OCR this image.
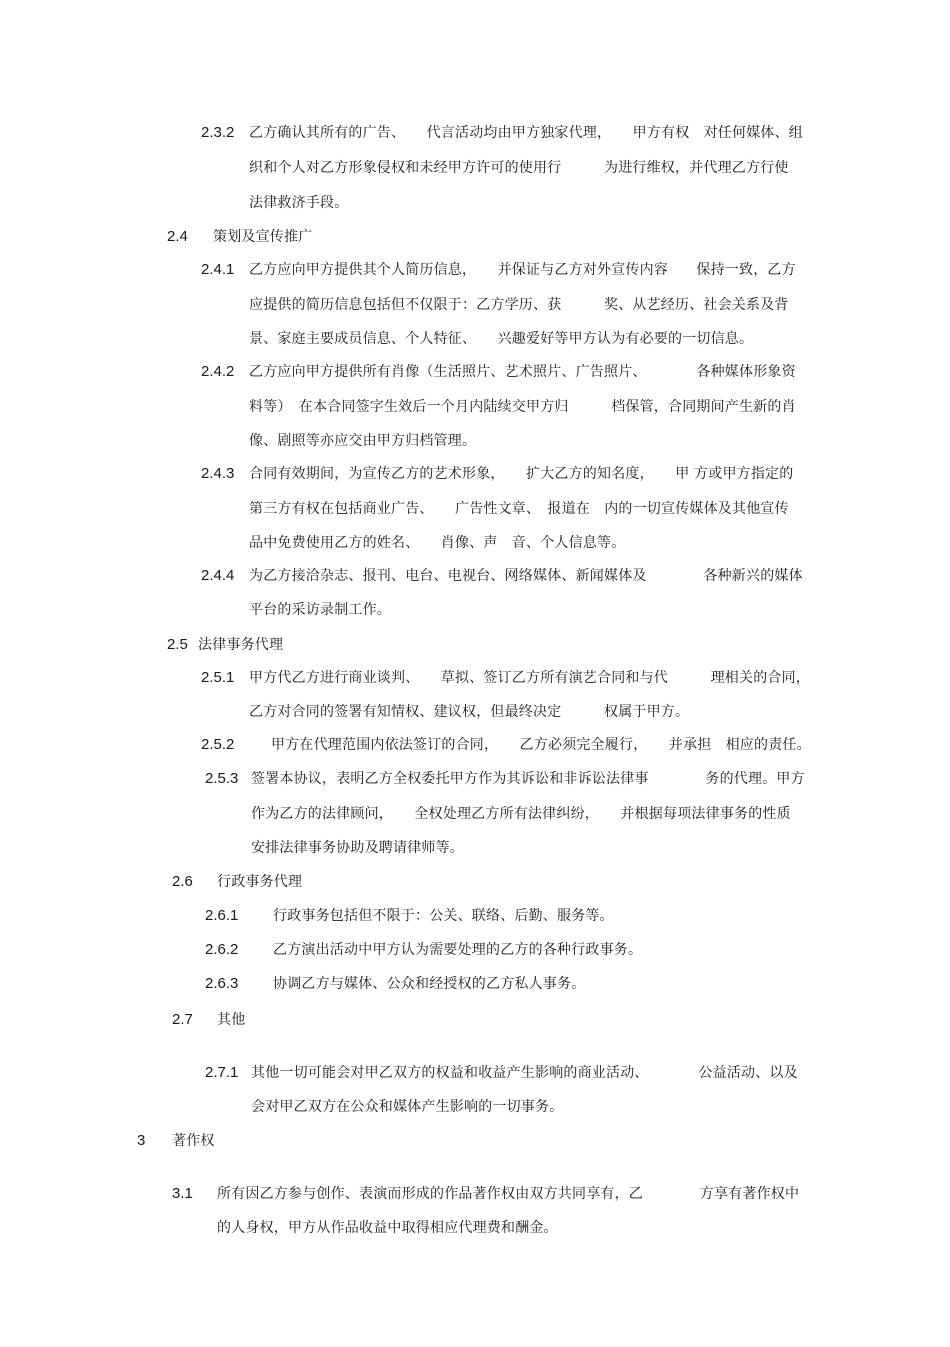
2.3.2 乙方确认其所有的广告、　　代言活动均由甲方独家代理，　　甲方有权　对任何媒体、组
织和个人对乙方形象侵权和未经甲方许可的使用行　　　为进行维权，并代理乙方行使
法律救济手段。
2.4 策划及宣传推广
2.4.1 乙方应向甲方提供其个人简历信息，　　并保证与乙方对外宣传内容　　保持一致，乙方
应提供的简历信息包括但不仅限于：乙方学历、获　　　奖、从艺经历、社会关系及背
景、家庭主要成员信息、个人特征、　　兴趣爱好等甲方认为有必要的一切信息。
2.4.2 乙方应向甲方提供所有肖像（生活照片、艺术照片、广告照片、　　　　各种媒体形象资
料等）　在本合同签字生效后一个月内陆续交甲方归　　　档保管，合同期间产生新的肖
像、剧照等亦应交由甲方归档管理。
2.4.3 合同有效期间，为宣传乙方的艺术形象，　　扩大乙方的知名度，　　甲 方或甲方指定的
第三方有权在包括商业广告、　　广告性文章、　报道在　内的一切宣传媒体及其他宣传
品中免费使用乙方的姓名、　　肖像、声　音、个人信息等。
2.4.4 为乙方接洽杂志、报刊、电台、电视台、网络媒体、新闻媒体及　　　　各种新兴的媒体
平台的采访录制工作。
2.5 法律事务代理
2.5.1 甲方代乙方进行商业谈判、　　草拟、签订乙方所有演艺合同和与代　　　理相关的合同，
乙方对合同的签署有知情权、建议权，但最终决定　　　权属于甲方。
2.5.2	甲方在代理范围内依法签订的合同，　　乙方必须完全履行，　　并承担　相应的责任。
2.5.3 签署本协议，表明乙方全权委托甲方作为其诉讼和非诉讼法律事　　　　务的代理。甲方
作为乙方的法律顾问，　　全权处理乙方所有法律纠纷，　　并根据每项法律事务的性质
安排法律事务协助及聘请律师等。
2.6 行政事务代理
2.6.1 行政事务包括但不限于：公关、联络、后勤、服务等。
2.6.2 乙方演出活动中甲方认为需要处理的乙方的各种行政事务。
2.6.3 协调乙方与媒体、公众和经授权的乙方私人事务。
2.7 其他
2.7.1 其他一切可能会对甲乙双方的权益和收益产生影响的商业活动、　　　　公益活动、以及
会对甲乙双方在公众和媒体产生影响的一切事务。
3 著作权
3.1 所有因乙方参与创作、表演而形成的作品著作权由双方共同享有，乙　　　　方享有著作权中
的人身权，甲方从作品收益中取得相应代理费和酬金。
